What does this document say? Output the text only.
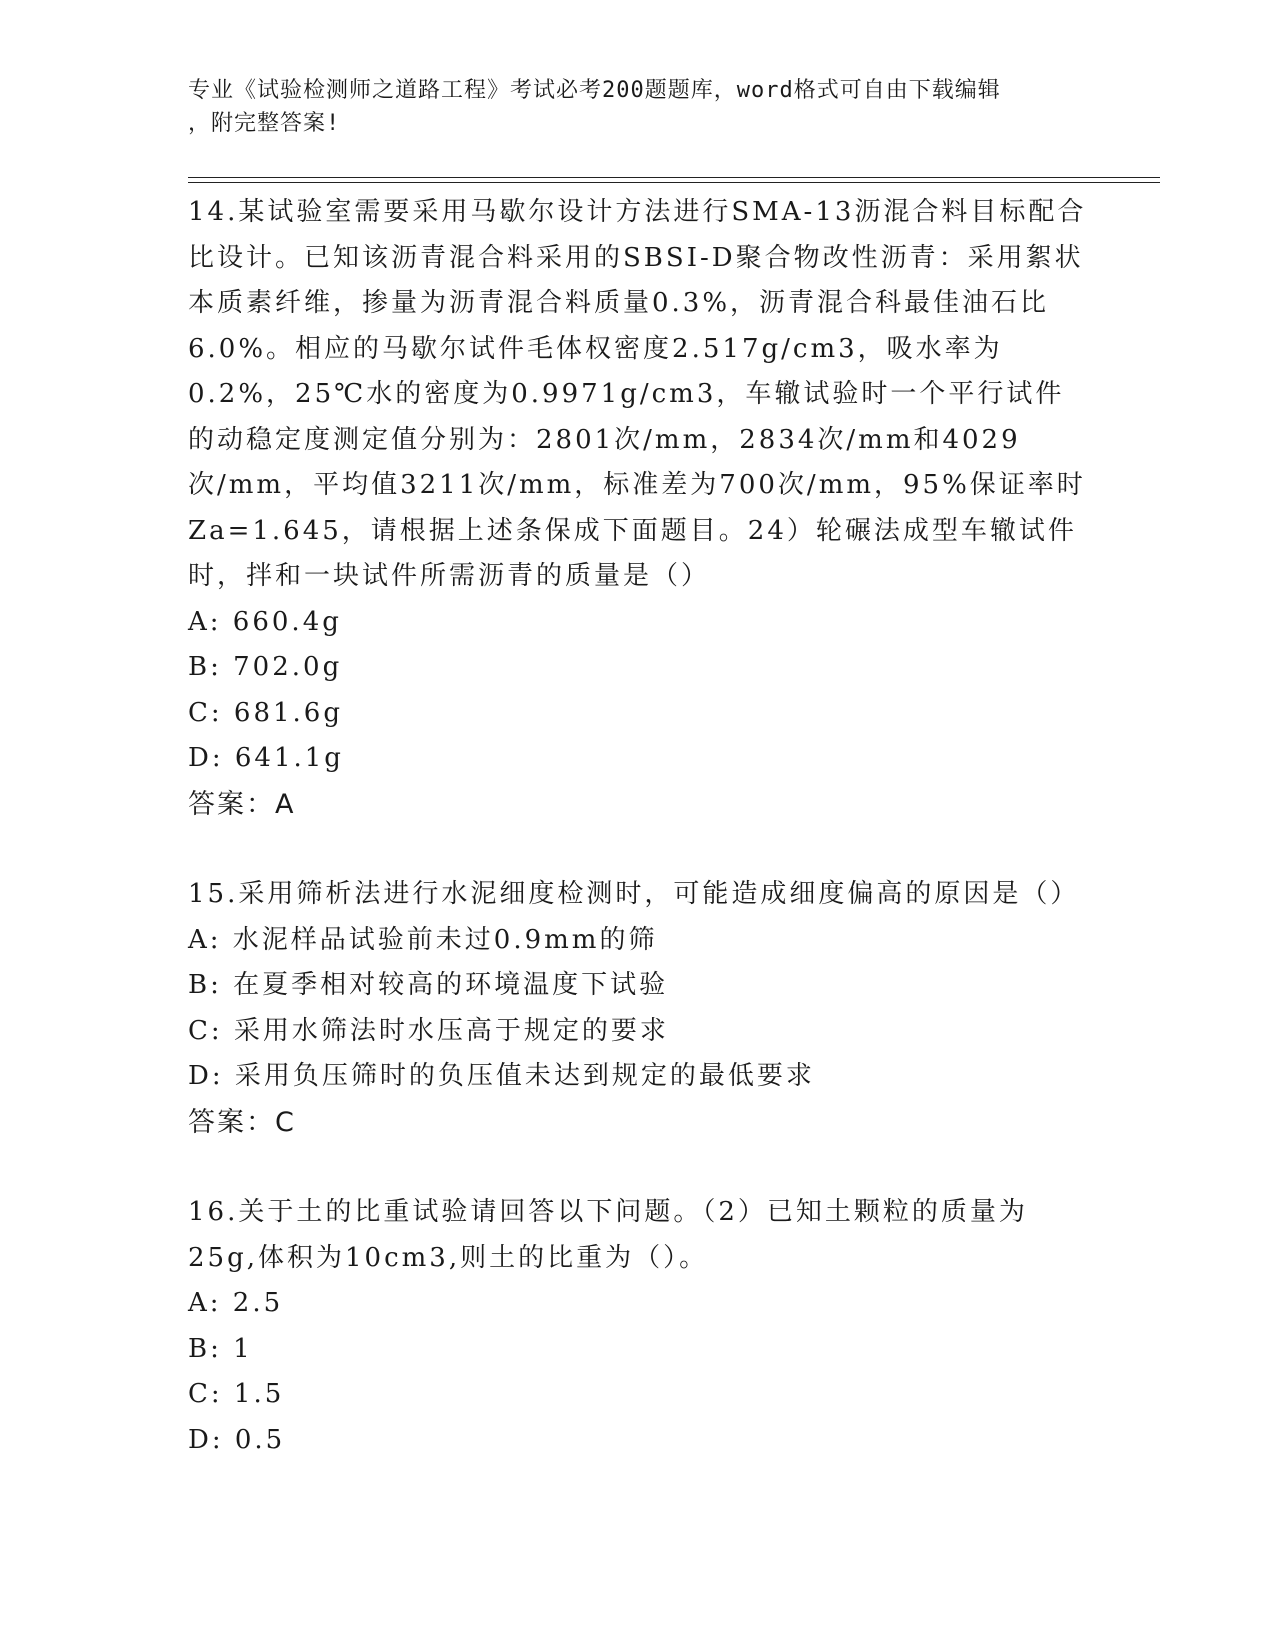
专业《试验检测师之道路工程》考试必考200题题库，word格式可自由下载编辑
，附完整答案!

14.某试验室需要采用马歇尔设计方法进行SMA-13沥混合料目标配合比设计。已知该沥青混合料采用的SBSI-D聚合物改性沥青：采用絮状本质素纤维，掺量为沥青混合料质量0.3%，沥青混合科最佳油石比6.0%。相应的马歇尔试件毛体权密度2.517g/cm3，吸水率为0.2%，25℃水的密度为0.9971g/cm3，车辙试验时一个平行试件的动稳定度测定值分别为：2801次/mm，2834次/mm和4029次/mm，平均值3211次/mm，标准差为700次/mm，95%保证率时Za=1.645，请根据上述条保成下面题目。24）轮碾法成型车辙试件时，拌和一块试件所需沥青的质量是（）

A: 660.4g

B: 702.0g

C: 681.6g

D: 641.1g

答案：A

15.采用筛析法进行水泥细度检测时，可能造成细度偏高的原因是（）

A: 水泥样品试验前未过0.9mm的筛

B: 在夏季相对较高的环境温度下试验

C: 采用水筛法时水压高于规定的要求

D: 采用负压筛时的负压值未达到规定的最低要求

答案：C

16.关于土的比重试验请回答以下问题。（2）已知土颗粒的质量为25g,体积为10cm3,则土的比重为（）。

A: 2.5

B: 1

C: 1.5

D: 0.5
